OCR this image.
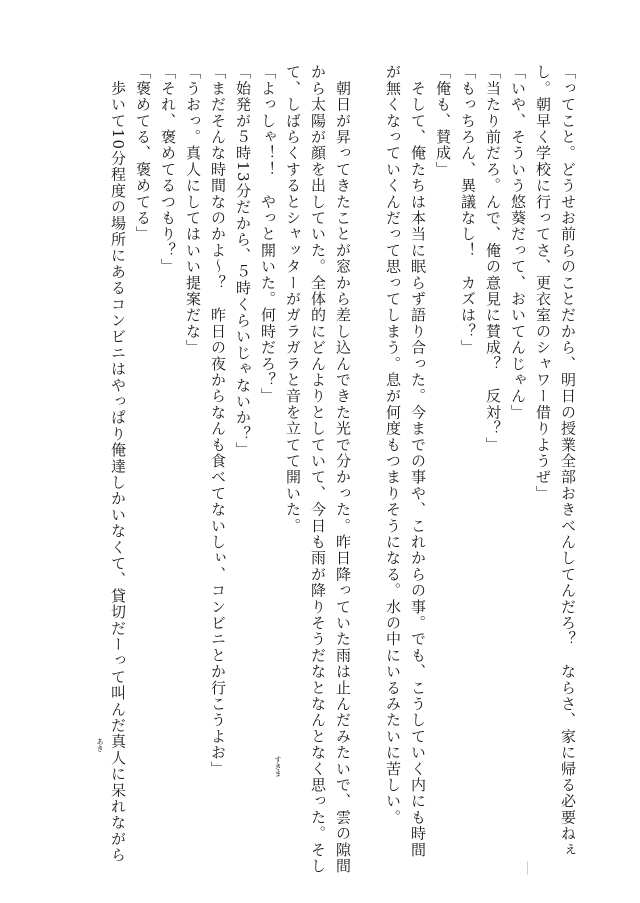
「ってこと。どうせお前らのことだから、明日の授業全部おきべんしてんだろ？　ならさ、家に帰る必要ねぇ

し。朝早く学校に行ってさ、更衣室のシャワー借りようぜ」

「いや、そういう悠葵だって、おいてんじゃん」

「当たり前だろ。んで、俺の意見に賛成？　反対？」

「もっちろん、異議なし！　カズは？」

「俺も、賛成」

　そして、俺たちは本当に眠らず語り合った。今までの事や、これからの事。でも、こうしていく内にも時間

が無くなっていくんだって思ってしまう。息が何度もつまりそうになる。水の中にいるみたいに苦しい。

　朝日が昇ってきたことが窓から差し込んできた光で分かった。昨日降っていた雨は止んだみたいで、雲の隙間

から太陽が顔を出していた。全体的にどんよりとしていて、今日も雨が降りそうだなとなんとなく思った。そし

て、しばらくするとシャッターがガラガラと音を立てて開いた。

「よっしゃ！！　やっと開いた。何時だろ？」

「始発が５時13分だから、５時くらいじゃないか？」

「まだそんな時間なのかよ～？　昨日の夜からなんも食べてないしぃ、コンビニとか行こうよお」

「うおっ。真人にしてはいい提案だな」

「それ、褒めてるつもり？」

「褒めてる、褒めてる」

　歩いて10分程度の場所にあるコンビニはやっぱり俺達しかいなくて、貸切だーって叫んだ真人に呆れながら	すきま
あき
